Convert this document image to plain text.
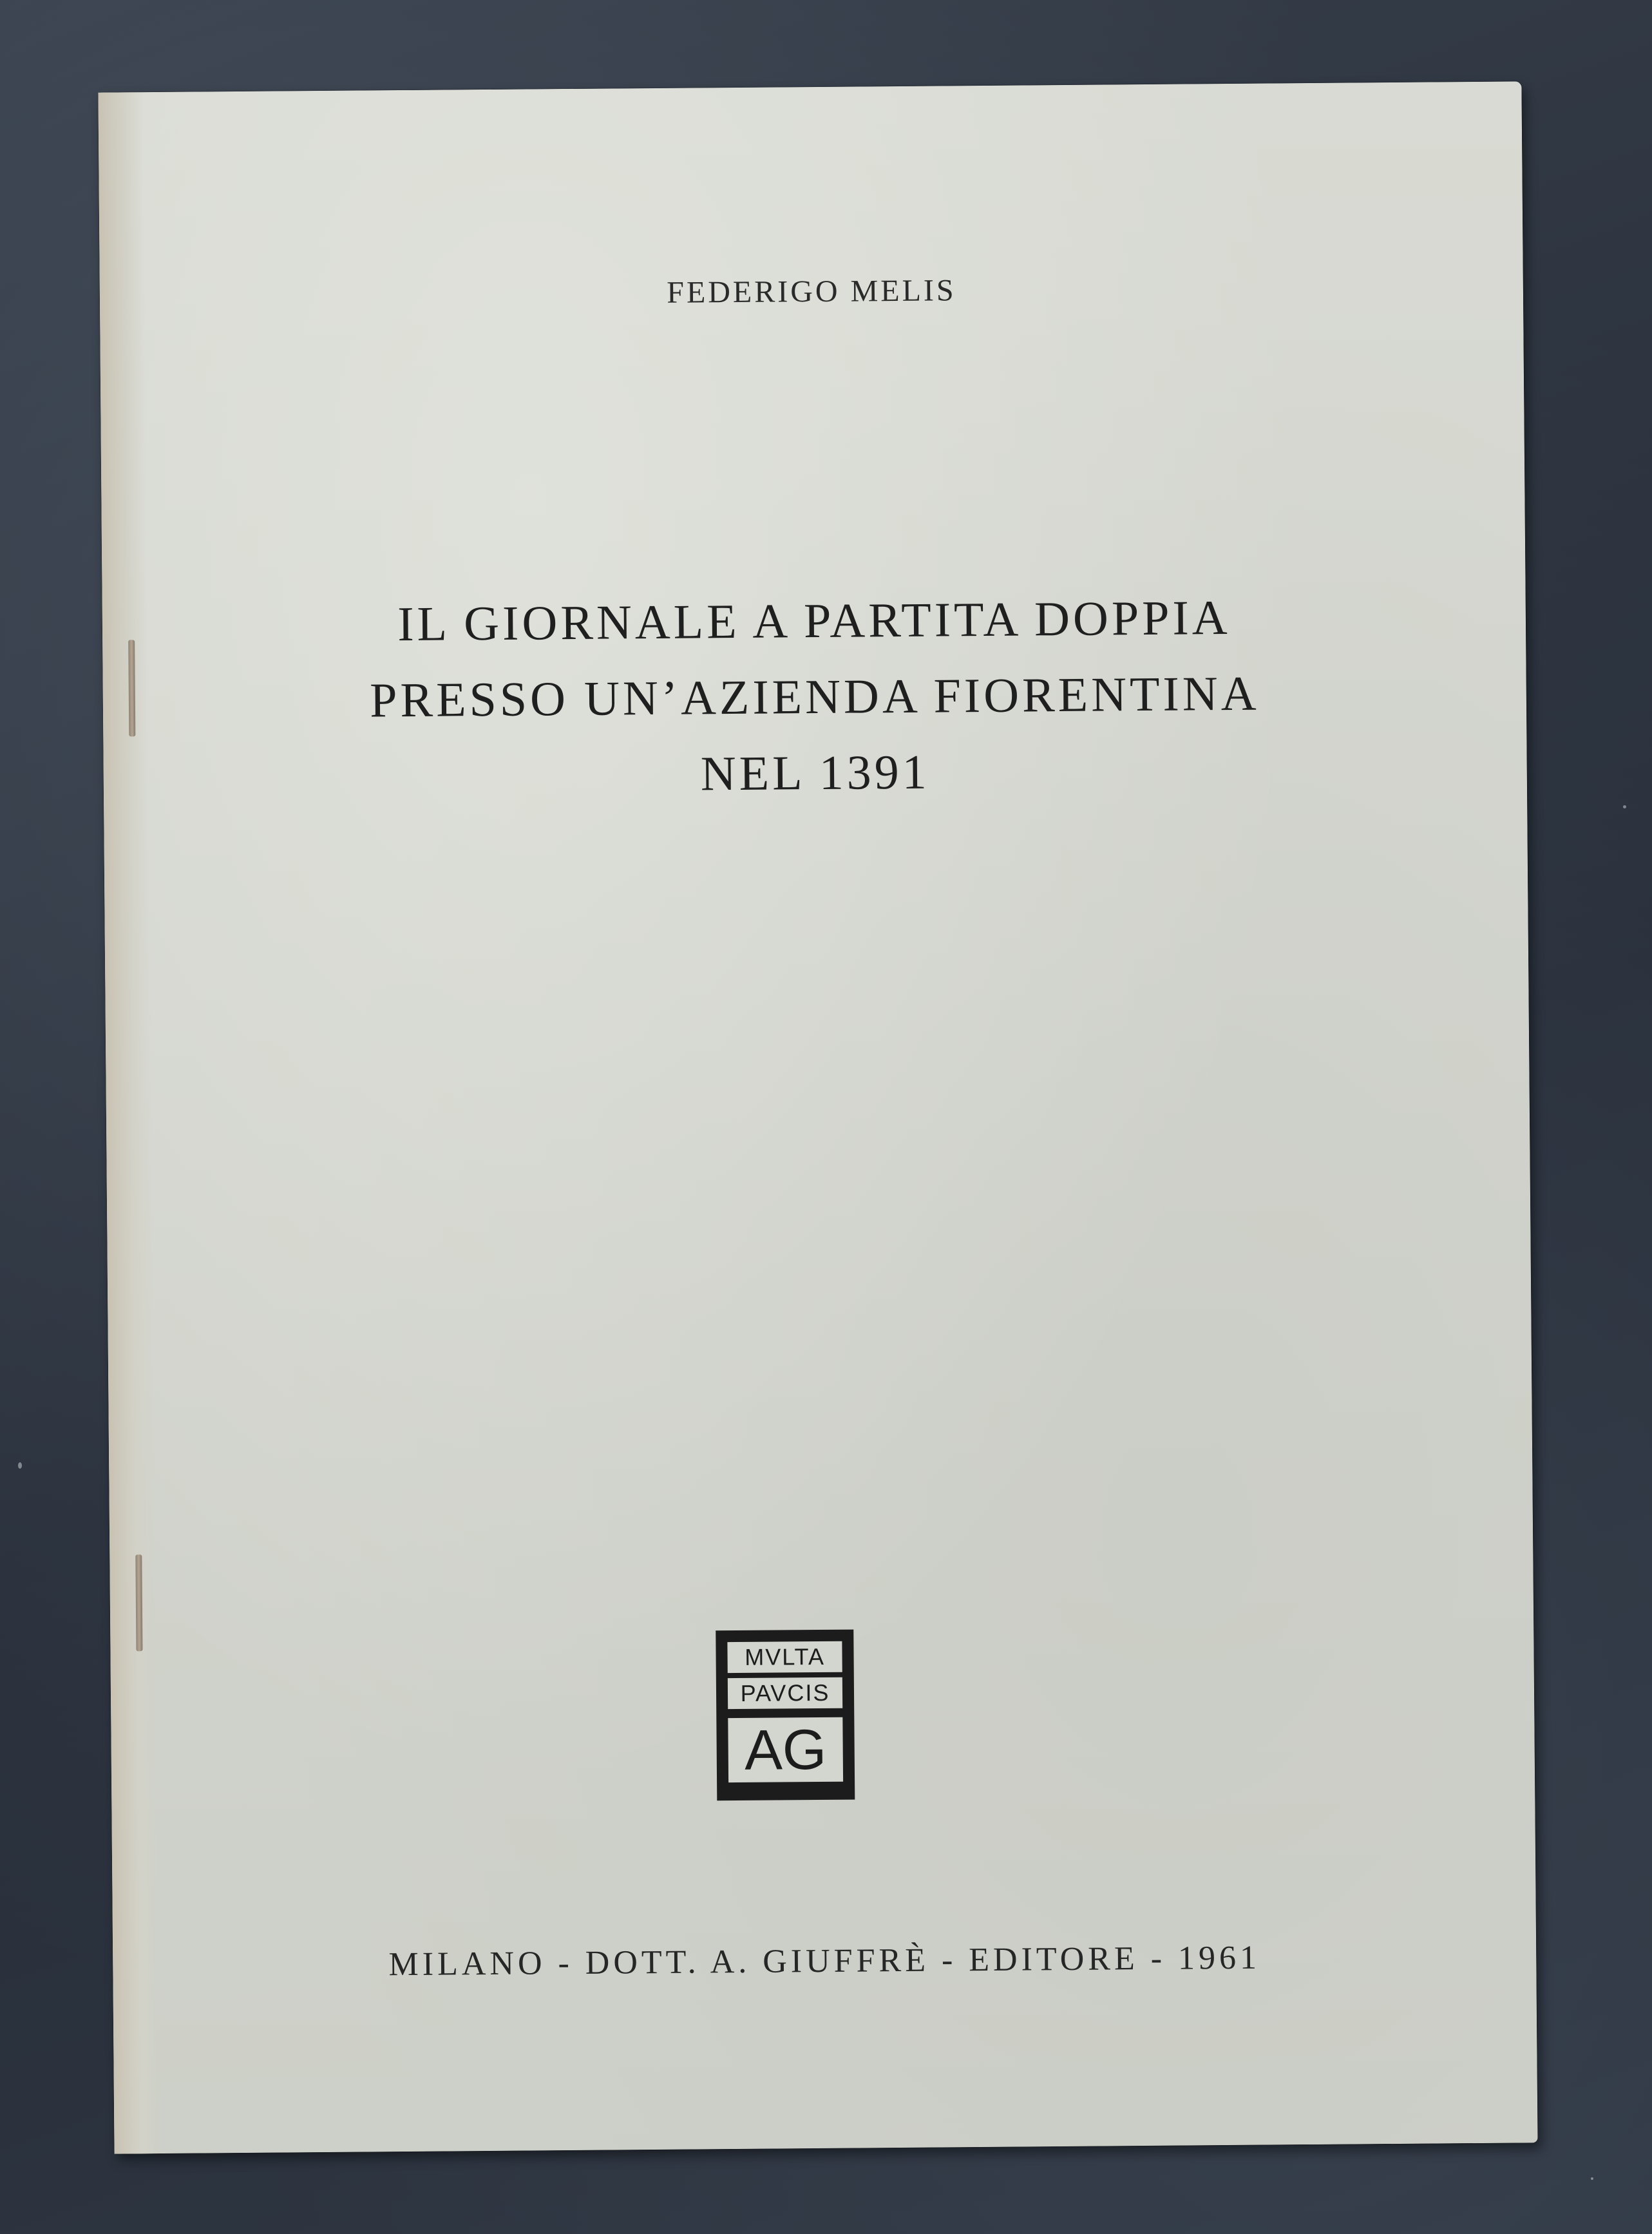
FEDERIGO MELIS
IL GIORNALE A PARTITA DOPPIA
PRESSO UN’AZIENDA FIORENTINA
NEL 1391
MVLTA
PAVCIS
AG
MILANO - DOTT. A. GIUFFRÈ - EDITORE - 1961
